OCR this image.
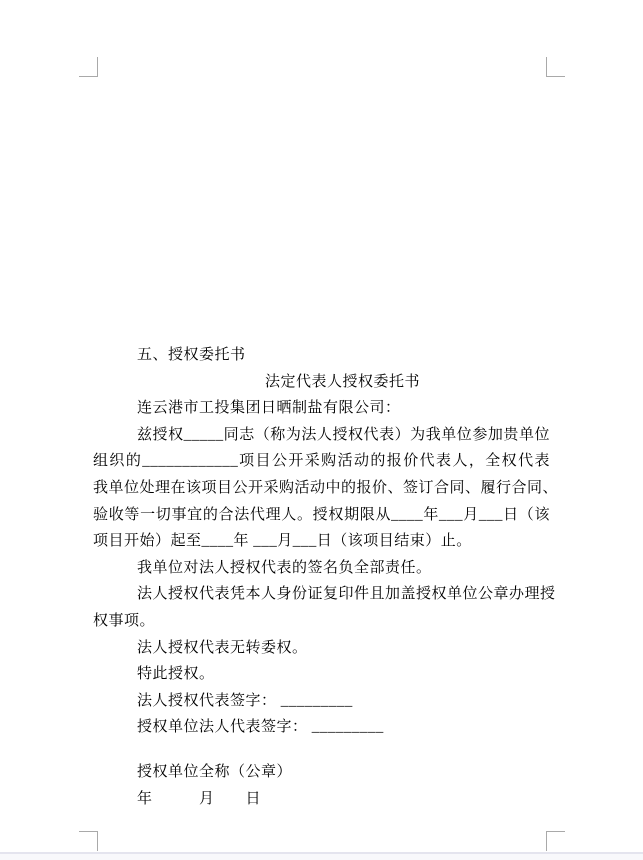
五、授权委托书
法定代表人授权委托书
连云港市工投集团日晒制盐有限公司：
兹授权_____同志（称为法人授权代表）为我单位参加贵单位
组织的____________项目公开采购活动的报价代表人，全权代表
我单位处理在该项目公开采购活动中的报价、签订合同、履行合同、
验收等一切事宜的合法代理人。授权期限从____年___月___日（该
项目开始）起至____年 ___月___日（该项目结束）止。
我单位对法人授权代表的签名负全部责任。
法人授权代表凭本人身份证复印件且加盖授权单位公章办理授
权事项。
法人授权代表无转委权。
特此授权。
法人授权代表签字： _________
授权单位法人代表签字： _________
授权单位全称（公章）
年　　　月　　日
